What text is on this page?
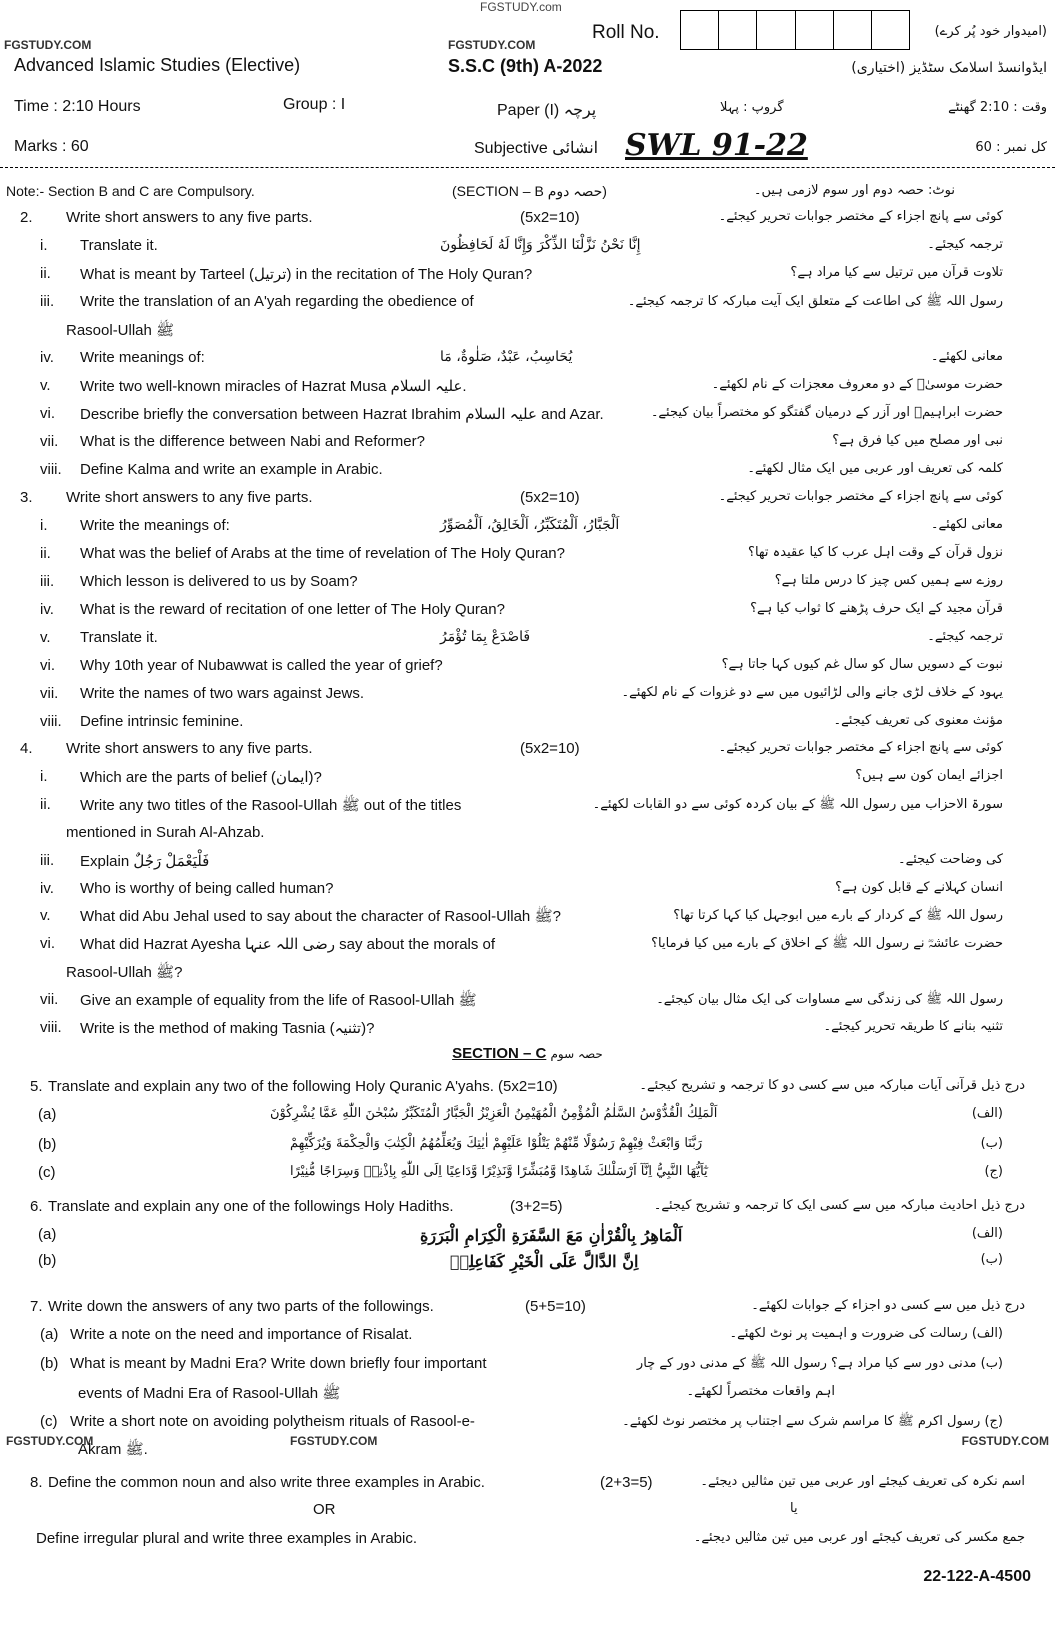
FGSTUDY.com
FGSTUDY.COM	FGSTUDY.COM
Roll No.	(امیدوار خود پُر کرے)
Advanced Islamic Studies (Elective)	S.S.C (9th) A-2022	ایڈوانسڈ اسلامک سٹڈیز (اختیاری)
Time : 2:10 Hours	Group : I	Paper (I) پرچہ	گروپ : پہلا	وقت : 2:10 گھنٹے
Marks : 60	Subjective انشائی SWL 91-22	کل نمبر : 60
Note:- Section B and C are Compulsory.	(SECTION – B حصہ دوم)	نوٹ: حصہ دوم اور سوم لازمی ہیں۔
2. Write short answers to any five parts.	(5x2=10)	کوئی سے پانچ اجزاء کے مختصر جوابات تحریر کیجئے۔
i. Translate it.	إِنَّا نَحْنُ نَزَّلْنَا الذِّكْرَ وَإِنَّا لَهُ لَحَافِظُونَ	ترجمہ کیجئے۔
ii. What is meant by Tarteel (ترتیل) in the recitation of The Holy Quran?	تلاوت قرآن میں ترتیل سے کیا مراد ہے؟
iii. Write the translation of an A'yah regarding the obedience of	رسول اللہ ﷺ کی اطاعت کے متعلق ایک آیت مبارکہ کا ترجمہ کیجئے۔
Rasool-Ullah ﷺ
iv. Write meanings of:	يُحَاسِبُ، عَبْدٌ، صَلٰوةٌ، مَا	معانی لکھئے۔
v. Write two well-known miracles of Hazrat Musa علیہ السلام.	حضرت موسیٰؑ کے دو معروف معجزات کے نام لکھئے۔
vi. Describe briefly the conversation between Hazrat Ibrahim علیہ السلام and Azar.	حضرت ابراہیمؑ اور آزر کے درمیان گفتگو کو مختصراً بیان کیجئے۔
vii. What is the difference between Nabi and Reformer?	نبی اور مصلح میں کیا فرق ہے؟
viii. Define Kalma and write an example in Arabic.	کلمہ کی تعریف اور عربی میں ایک مثال لکھئے۔
3. Write short answers to any five parts.	(5x2=10)	کوئی سے پانچ اجزاء کے مختصر جوابات تحریر کیجئے۔
i. Write the meanings of:	اَلْجَبَّارُ، اَلْمُتَكَبِّرُ، اَلْخَالِقُ، اَلْمُصَوِّرُ	معانی لکھئے۔
ii. What was the belief of Arabs at the time of revelation of The Holy Quran?	نزول قرآن کے وقت اہل عرب کا کیا عقیدہ تھا؟
iii. Which lesson is delivered to us by Soam?	روزے سے ہمیں کس چیز کا درس ملتا ہے؟
iv. What is the reward of recitation of one letter of The Holy Quran?	قرآن مجید کے ایک حرف پڑھنے کا ثواب کیا ہے؟
v. Translate it.	فَاصْدَعْ بِمَا تُؤْمَرُ	ترجمہ کیجئے۔
vi. Why 10th year of Nubawwat is called the year of grief?	نبوت کے دسویں سال کو سال غم کیوں کہا جاتا ہے؟
vii. Write the names of two wars against Jews.	یہود کے خلاف لڑی جانے والی لڑائیوں میں سے دو غزوات کے نام لکھئے۔
viii. Define intrinsic feminine.	مؤنث معنوی کی تعریف کیجئے۔
4. Write short answers to any five parts.	(5x2=10)	کوئی سے پانچ اجزاء کے مختصر جوابات تحریر کیجئے۔
i. Which are the parts of belief (ایمان)?	اجزائے ایمان کون سے ہیں؟
ii. Write any two titles of the Rasool-Ullah ﷺ out of the titles	سورۃ الاحزاب میں رسول اللہ ﷺ کے بیان کردہ کوئی سے دو القابات لکھئے۔
mentioned in Surah Al-Ahzab.
iii. Explain فَلْيَعْمَلْ رَجُلٌ	کی وضاحت کیجئے۔
iv. Who is worthy of being called human?	انسان کہلانے کے قابل کون ہے؟
v. What did Abu Jehal used to say about the character of Rasool-Ullah ﷺ?	رسول اللہ ﷺ کے کردار کے بارے میں ابوجہل کیا کہا کرتا تھا؟
vi. What did Hazrat Ayesha رضی اللہ عنہا say about the morals of	حضرت عائشہؓ نے رسول اللہ ﷺ کے اخلاق کے بارے میں کیا فرمایا؟
Rasool-Ullah ﷺ?
vii. Give an example of equality from the life of Rasool-Ullah ﷺ	رسول اللہ ﷺ کی زندگی سے مساوات کی ایک مثال بیان کیجئے۔
viii. Write is the method of making Tasnia (تثنیہ)?	تثنیہ بنانے کا طریقہ تحریر کیجئے۔
SECTION – C حصہ سوم
5. Translate and explain any two of the following Holy Quranic A'yahs. (5x2=10)	درج ذیل قرآنی آیات مبارکہ میں سے کسی دو کا ترجمہ و تشریح کیجئے۔
(a)	اَلْمَلِكُ الْقُدُّوْسُ السَّلٰمُ الْمُؤْمِنُ الْمُهَيْمِنُ الْعَزِيْزُ الْجَبَّارُ الْمُتَكَبِّرُ سُبْحٰنَ اللّٰهِ عَمَّا يُشْرِكُوْنَ	(الف)
(b)	رَبَّنَا وَابْعَثْ فِيْهِمْ رَسُوْلًا مِّنْهُمْ يَتْلُوْا عَلَيْهِمْ اٰيٰتِكَ وَيُعَلِّمُهُمُ الْكِتٰبَ وَالْحِكْمَةَ وَيُزَكِّيْهِمْ	(ب)
(c)	يٰٓاَيُّهَا النَّبِيُّ اِنَّآ اَرْسَلْنٰكَ شَاهِدًا وَّمُبَشِّرًا وَّنَذِيْرًا وَّدَاعِيًا اِلَى اللّٰهِ بِاِذْنِهٖ وَسِرَاجًا مُّنِيْرًا	(ج)
6. Translate and explain any one of the followings Holy Hadiths.	(3+2=5)	درج ذیل احادیث مبارکہ میں سے کسی ایک کا ترجمہ و تشریح کیجئے۔
(a)	اَلْمَاهِرُ بِالْقُرْاٰنِ مَعَ السَّفَرَةِ الْكِرَامِ الْبَرَرَةِ	(الف)
(b)	اِنَّ الدَّالَّ عَلَى الْخَيْرِ كَفَاعِلِهٖ	(ب)
7. Write down the answers of any two parts of the followings.	(5+5=10)	درج ذیل میں سے کسی دو اجزاء کے جوابات لکھئے۔
(a) Write a note on the need and importance of Risalat.	(الف) رسالت کی ضرورت و اہمیت پر نوٹ لکھئے۔
(b) What is meant by Madni Era? Write down briefly four important	(ب) مدنی دور سے کیا مراد ہے؟ رسول اللہ ﷺ کے مدنی دور کے چار
events of Madni Era of Rasool-Ullah ﷺ	اہم واقعات مختصراً لکھئے۔
(c) Write a short note on avoiding polytheism rituals of Rasool-e-	(ج) رسول اکرم ﷺ کا مراسم شرک سے اجتناب پر مختصر نوٹ لکھئے۔
Akram ﷺ.
FGSTUDY.COM	FGSTUDY.COM	FGSTUDY.COM
8. Define the common noun and also write three examples in Arabic.	(2+3=5)	اسم نکرہ کی تعریف کیجئے اور عربی میں تین مثالیں دیجئے۔
OR	یا
Define irregular plural and write three examples in Arabic.	جمع مکسر کی تعریف کیجئے اور عربی میں تین مثالیں دیجئے۔
22-122-A-4500
